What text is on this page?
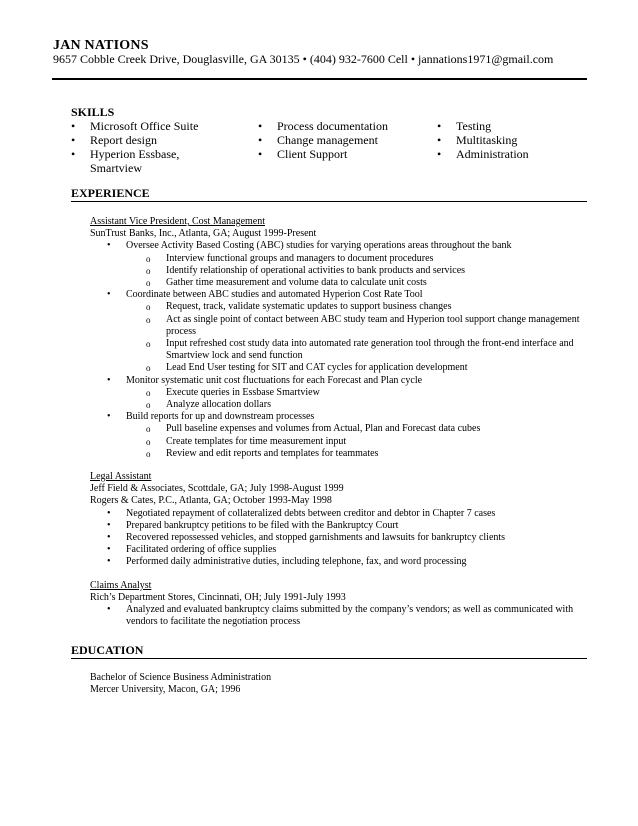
JAN NATIONS
9657 Cobble Creek Drive, Douglasville, GA 30135 • (404) 932-7600 Cell • jannations1971@gmail.com
SKILLS
• Microsoft Office Suite
• Report design
• Hyperion Essbase, Smartview
• Process documentation
• Change management
• Client Support
• Testing
• Multitasking
• Administration
EXPERIENCE
Assistant Vice President, Cost Management
SunTrust Banks, Inc., Atlanta, GA; August 1999-Present
• Oversee Activity Based Costing (ABC) studies for varying operations areas throughout the bank
o Interview functional groups and managers to document procedures
o Identify relationship of operational activities to bank products and services
o Gather time measurement and volume data to calculate unit costs
• Coordinate between ABC studies and automated Hyperion Cost Rate Tool
o Request, track, validate systematic updates to support business changes
o Act as single point of contact between ABC study team and Hyperion tool support change management process
o Input refreshed cost study data into automated rate generation tool through the front-end interface and Smartview lock and send function
o Lead End User testing for SIT and CAT cycles for application development
• Monitor systematic unit cost fluctuations for each Forecast and Plan cycle
o Execute queries in Essbase Smartview
o Analyze allocation dollars
• Build reports for up and downstream processes
o Pull baseline expenses and volumes from Actual, Plan and Forecast data cubes
o Create templates for time measurement input
o Review and edit reports and templates for teammates
Legal Assistant
Jeff Field & Associates, Scottdale, GA; July 1998-August 1999
Rogers & Cates, P.C., Atlanta, GA; October 1993-May 1998
• Negotiated repayment of collateralized debts between creditor and debtor in Chapter 7 cases
• Prepared bankruptcy petitions to be filed with the Bankruptcy Court
• Recovered repossessed vehicles, and stopped garnishments and lawsuits for bankruptcy clients
• Facilitated ordering of office supplies
• Performed daily administrative duties, including telephone, fax, and word processing
Claims Analyst
Rich’s Department Stores, Cincinnati, OH; July 1991-July 1993
• Analyzed and evaluated bankruptcy claims submitted by the company’s vendors; as well as communicated with vendors to facilitate the negotiation process
EDUCATION
Bachelor of Science Business Administration
Mercer University, Macon, GA; 1996
